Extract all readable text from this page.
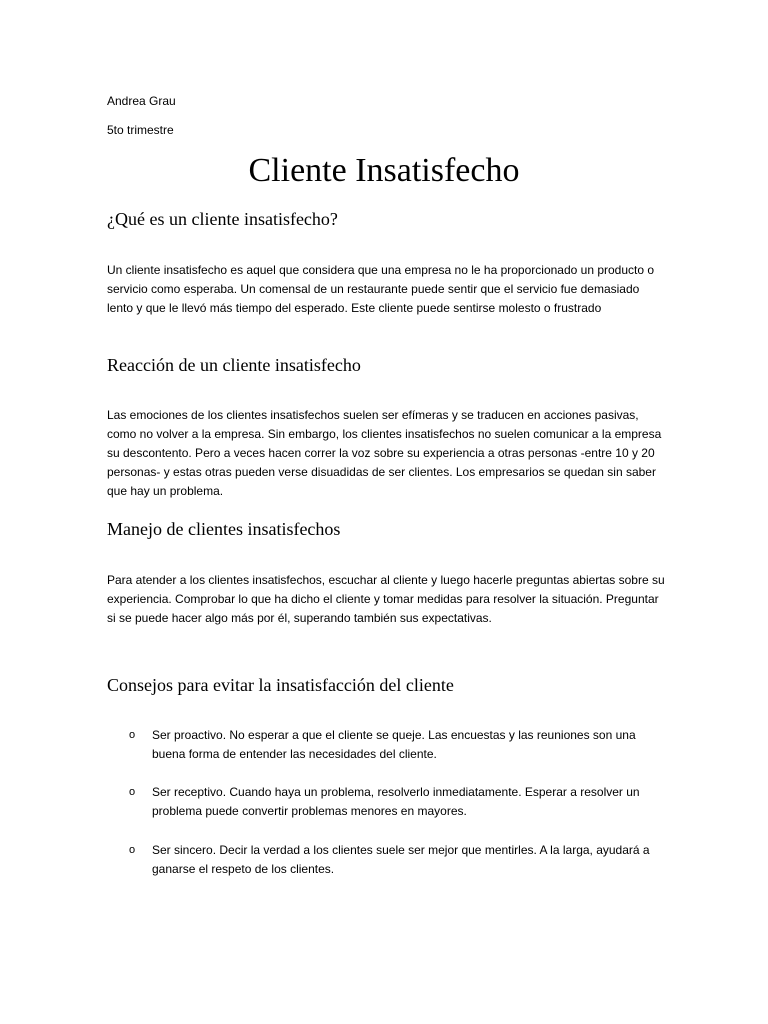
Andrea Grau
5to trimestre
Cliente Insatisfecho
¿Qué es un cliente insatisfecho?

Un cliente insatisfecho es aquel que considera que una empresa no le ha proporcionado un producto o servicio como esperaba. Un comensal de un restaurante puede sentir que el servicio fue demasiado lento y que le llevó más tiempo del esperado. Este cliente puede sentirse molesto o frustrado

Reacción de un cliente insatisfecho

Las emociones de los clientes insatisfechos suelen ser efímeras y se traducen en acciones pasivas, como no volver a la empresa. Sin embargo, los clientes insatisfechos no suelen comunicar a la empresa su descontento. Pero a veces hacen correr la voz sobre su experiencia a otras personas -entre 10 y 20 personas- y estas otras pueden verse disuadidas de ser clientes. Los empresarios se quedan sin saber que hay un problema.

Manejo de clientes insatisfechos

Para atender a los clientes insatisfechos, escuchar al cliente y luego hacerle preguntas abiertas sobre su experiencia. Comprobar lo que ha dicho el cliente y tomar medidas para resolver la situación. Preguntar si se puede hacer algo más por él, superando también sus expectativas.

Consejos para evitar la insatisfacción del cliente
o Ser proactivo. No esperar a que el cliente se queje. Las encuestas y las reuniones son una buena forma de entender las necesidades del cliente.
o Ser receptivo. Cuando haya un problema, resolverlo inmediatamente. Esperar a resolver un problema puede convertir problemas menores en mayores.
o Ser sincero. Decir la verdad a los clientes suele ser mejor que mentirles. A la larga, ayudará a ganarse el respeto de los clientes.
